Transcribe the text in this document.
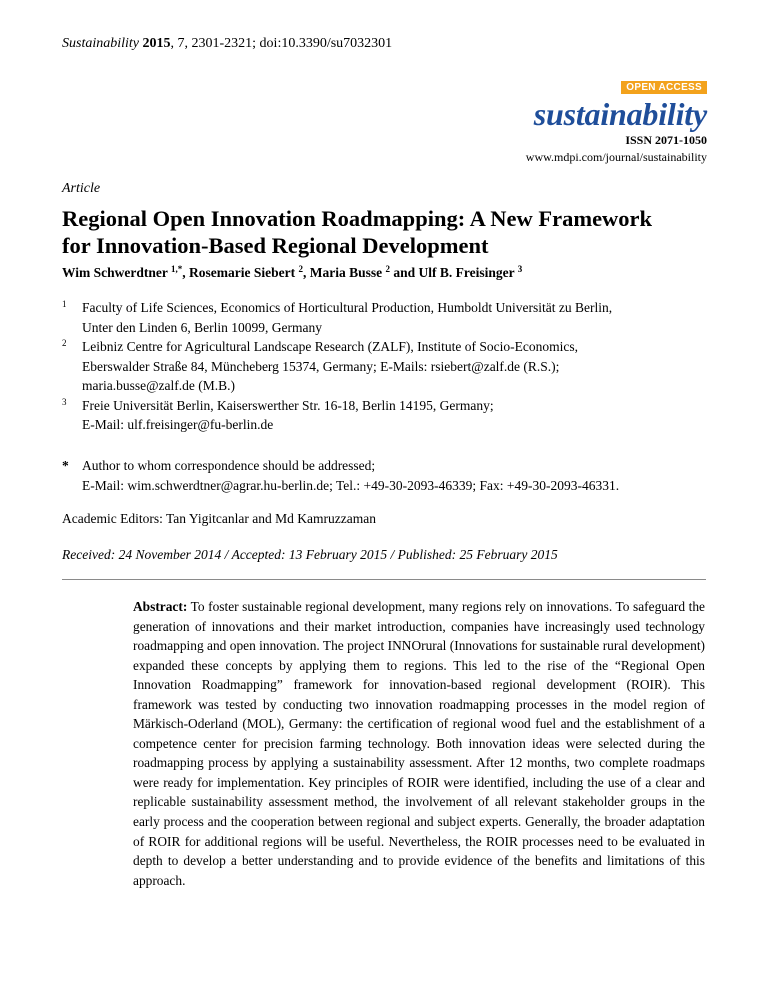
Sustainability 2015, 7, 2301-2321; doi:10.3390/su7032301
OPEN ACCESS
sustainability
ISSN 2071-1050
www.mdpi.com/journal/sustainability
Article
Regional Open Innovation Roadmapping: A New Framework
for Innovation-Based Regional Development
Wim Schwerdtner $^{1,*}$, Rosemarie Siebert $^2$, Maria Busse $^2$ and Ulf B. Freisinger $^3$
1 Faculty of Life Sciences, Economics of Horticultural Production, Humboldt Universität zu Berlin,
Unter den Linden 6, Berlin 10099, Germany
2 Leibniz Centre for Agricultural Landscape Research (ZALF), Institute of Socio-Economics,
Eberswalder Straße 84, Müncheberg 15374, Germany; E-Mails: rsiebert@zalf.de (R.S.);
maria.busse@zalf.de (M.B.)
3 Freie Universität Berlin, Kaiserswerther Str. 16-18, Berlin 14195, Germany;
E-Mail: ulf.freisinger@fu-berlin.de
* Author to whom correspondence should be addressed;
E-Mail: wim.schwerdtner@agrar.hu-berlin.de; Tel.: +49-30-2093-46339; Fax: +49-30-2093-46331.
Academic Editors: Tan Yigitcanlar and Md Kamruzzaman
Received: 24 November 2014 / Accepted: 13 February 2015 / Published: 25 February 2015

Abstract: To foster sustainable regional development, many regions rely on innovations. To safeguard the generation of innovations and their market introduction, companies have increasingly used technology roadmapping and open innovation. The project INNOrural (Innovations for sustainable rural development) expanded these concepts by applying them to regions. This led to the rise of the “Regional Open Innovation Roadmapping” framework for innovation-based regional development (ROIR). This framework was tested by conducting two innovation roadmapping processes in the model region of Märkisch-Oderland (MOL), Germany: the certification of regional wood fuel and the establishment of a competence center for precision farming technology. Both innovation ideas were selected during the roadmapping process by applying a sustainability assessment. After 12 months, two complete roadmaps were ready for implementation. Key principles of ROIR were identified, including the use of a clear and replicable sustainability assessment method, the involvement of all relevant stakeholder groups in the early process and the cooperation between regional and subject experts. Generally, the broader adaptation of ROIR for additional regions will be useful. Nevertheless, the ROIR processes need to be evaluated in depth to develop a better understanding and to provide evidence of the benefits and limitations of this approach.
